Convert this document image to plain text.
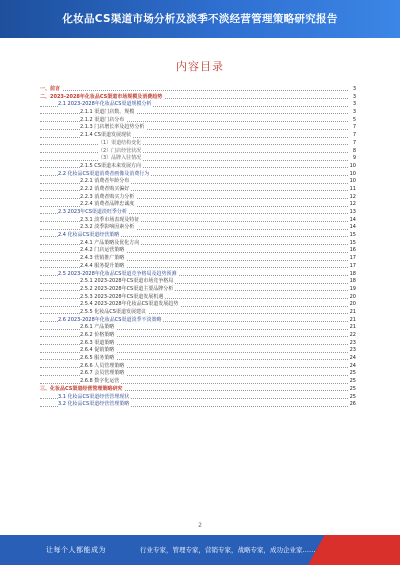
化妆品CS渠道市场分析及淡季不淡经营管理策略研究报告
内容目录
一、前言	3
二、2023-2028年化妆品CS渠道市场规模及消费趋势	3
2.1 2023-2028年化妆品CS渠道规模分析	3
2.1.1 渠道门店数、规模	3
2.1.2 渠道门店分布	5
2.1.3 门店增长率及趋势分析	7
2.1.4 CS渠道发展现状	7
（1）渠道结构变化	7
（2）门店经营状况	8
（3）品牌入驻情况	9
2.1.5 CS渠道未来发展方向	10
2.2 化妆品CS渠道消费者画像及消费行为	10
2.2.1 消费者年龄分布	10
2.2.2 消费者购买偏好	11
2.2.3 消费者购买力分析	12
2.2.4 消费者品牌忠诚度	12
2.3 2023年CS渠道淡旺季分析	13
2.3.1 淡季市场表现及特征	14
2.3.2 淡季影响因素分析	14
2.4 化妆品CS渠道经营策略	15
2.4.1 产品策略及优化方向	15
2.4.2 门店运营策略	16
2.4.3 营销推广策略	17
2.4.4 服务提升策略	17
2.5 2023-2028年化妆品CS渠道竞争格局及趋势预测	18
2.5.1 2023-2028年CS渠道市场竞争格局	18
2.5.2 2023-2028年CS渠道主要品牌分析	19
2.5.3 2023-2028年CS渠道发展机遇	20
2.5.4 2023-2028年化妆品CS渠道发展趋势	20
2.5.5 化妆品CS渠道发展建议	21
2.6 2023-2028年化妆品CS渠道淡季不淡策略	21
2.6.1 产品策略	21
2.6.2 价格策略	22
2.6.3 渠道策略	23
2.6.4 促销策略	23
2.6.5 服务策略	24
2.6.6 人员管理策略	24
2.6.7 会员管理策略	25
2.6.8 数字化运营	25
三、化妆品CS渠道经营管理策略研究	25
3.1 化妆品CS渠道经营管理现状	25
3.2 化妆品CS渠道经营管理策略	26
2
让每个人都能成为	行业专家，管理专家，营销专家，战略专家，成功企业家……
